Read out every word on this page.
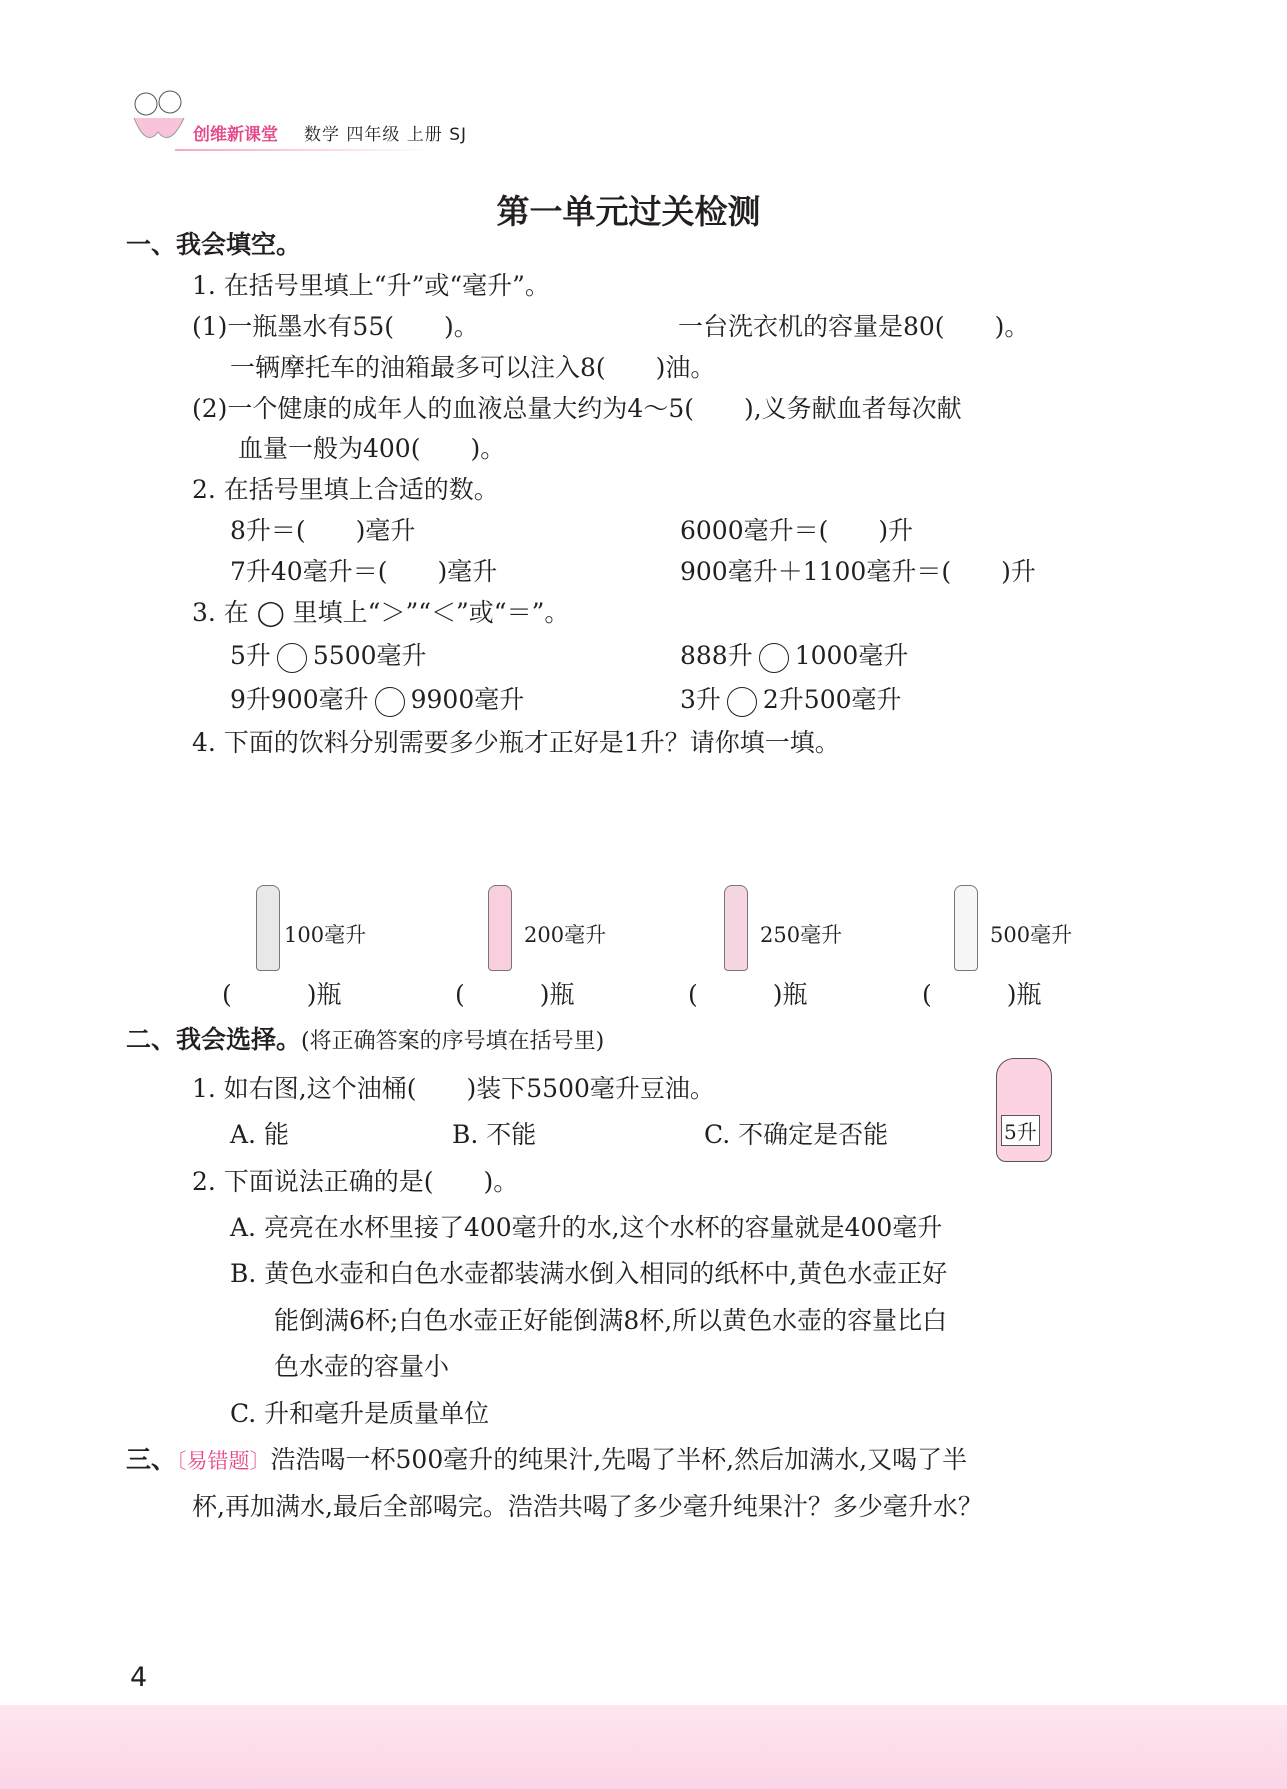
创维新课堂 数学 四年级 上册 SJ
第一单元过关检测
一、我会填空。
1. 在括号里填上“升”或“毫升”。
(1)一瓶墨水有55(　　)。	一台洗衣机的容量是80(　　)。
一辆摩托车的油箱最多可以注入8(　　)油。
(2)一个健康的成年人的血液总量大约为4～5(　　),义务献血者每次献
血量一般为400(　　)。
2. 在括号里填上合适的数。
8升＝(　　)毫升	6000毫升＝(　　)升
7升40毫升＝(　　)毫升	900毫升＋1100毫升＝(　　)升
3. 在 ◯ 里填上“＞”“＜”或“＝”。
5升 5500毫升	888升 1000毫升
9升900毫升 9900毫升	3升 2升500毫升
4. 下面的饮料分别需要多少瓶才正好是1升？请你填一填。
100毫升	200毫升	250毫升	500毫升
(　　　)瓶	(　　　)瓶	(　　　)瓶	(　　　)瓶
二、我会选择。(将正确答案的序号填在括号里)
1. 如右图,这个油桶(　　)装下5500毫升豆油。
A. 能	B. 不能	C. 不确定是否能	5升
2. 下面说法正确的是(　　)。
A. 亮亮在水杯里接了400毫升的水,这个水杯的容量就是400毫升
B. 黄色水壶和白色水壶都装满水倒入相同的纸杯中,黄色水壶正好
能倒满6杯;白色水壶正好能倒满8杯,所以黄色水壶的容量比白
色水壶的容量小
C. 升和毫升是质量单位
三、〔易错题〕浩浩喝一杯500毫升的纯果汁,先喝了半杯,然后加满水,又喝了半
杯,再加满水,最后全部喝完。浩浩共喝了多少毫升纯果汁？多少毫升水？
4
